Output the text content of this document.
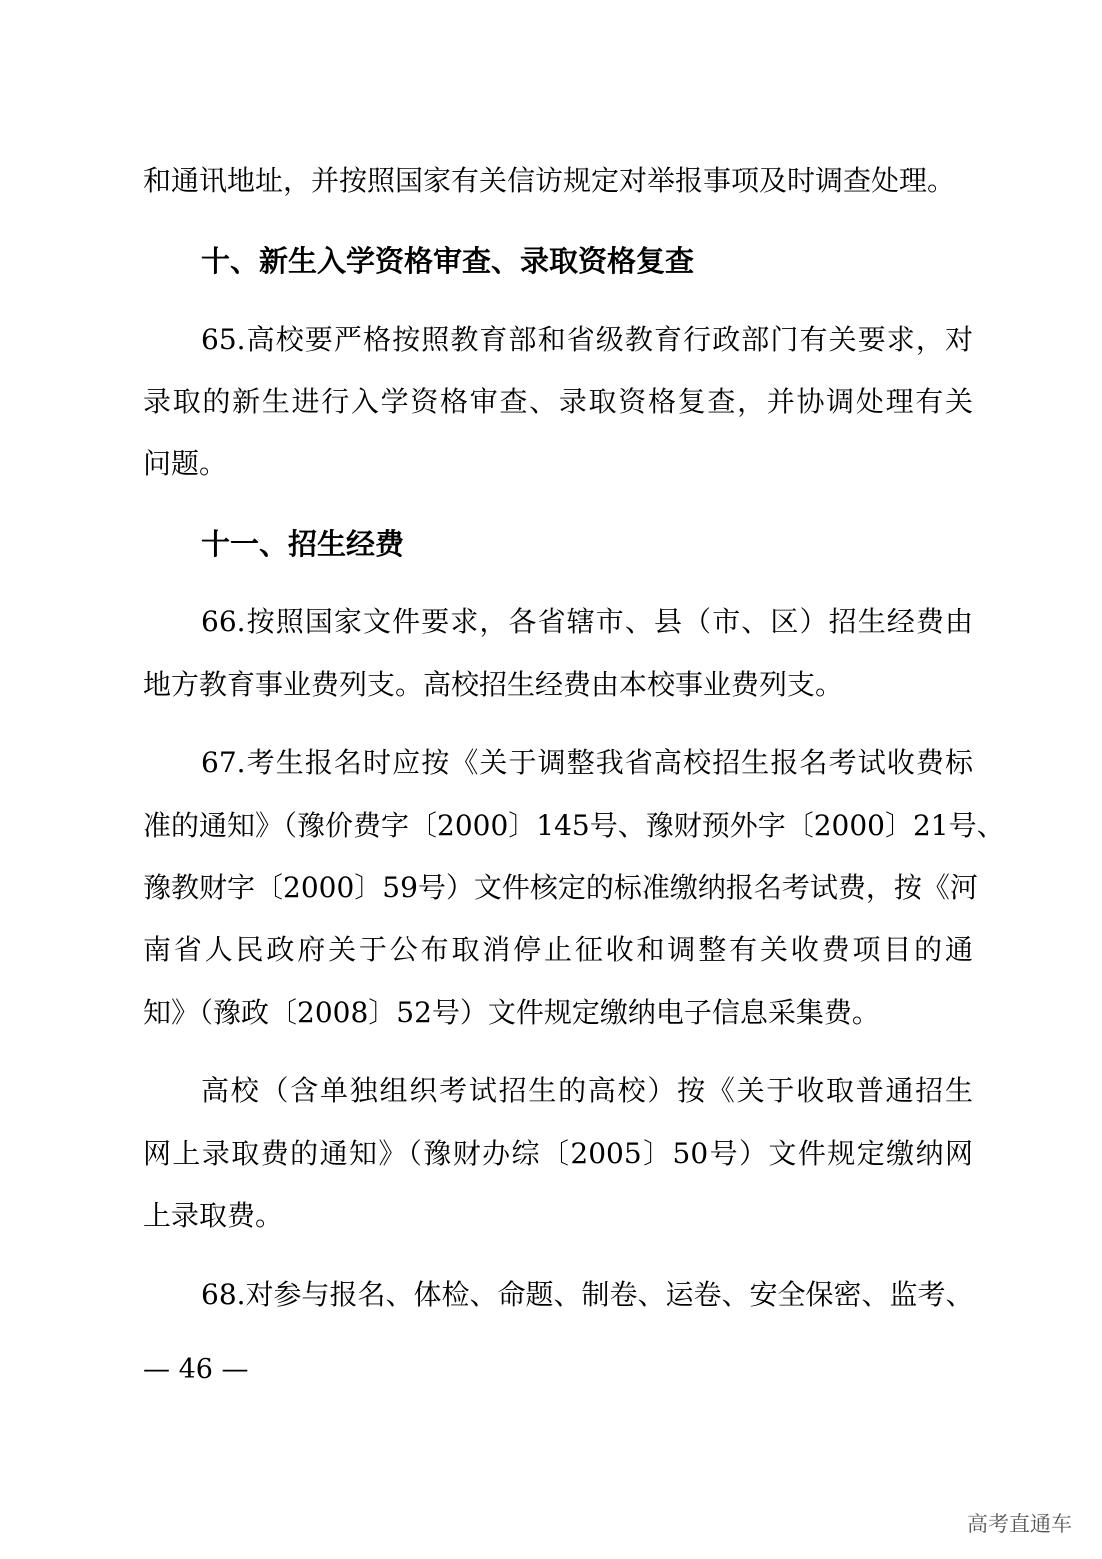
和通讯地址，并按照国家有关信访规定对举报事项及时调查处理。
十、新生入学资格审查、录取资格复查
65.高校要严格按照教育部和省级教育行政部门有关要求，对
录取的新生进行入学资格审查、录取资格复查，并协调处理有关
问题。
十一、招生经费
66.按照国家文件要求，各省辖市、县（市、区）招生经费由
地方教育事业费列支。高校招生经费由本校事业费列支。
67.考生报名时应按《关于调整我省高校招生报名考试收费标
准的通知》（豫价费字〔2000〕145号、豫财预外字〔2000〕21号、
豫教财字〔2000〕59号）文件核定的标准缴纳报名考试费，按《河
南省人民政府关于公布取消停止征收和调整有关收费项目的通
知》（豫政〔2008〕52号）文件规定缴纳电子信息采集费。
高校（含单独组织考试招生的高校）按《关于收取普通招生
网上录取费的通知》（豫财办综〔2005〕50号）文件规定缴纳网
上录取费。
68.对参与报名、体检、命题、制卷、运卷、安全保密、监考、
— 46 —
高考直通车
